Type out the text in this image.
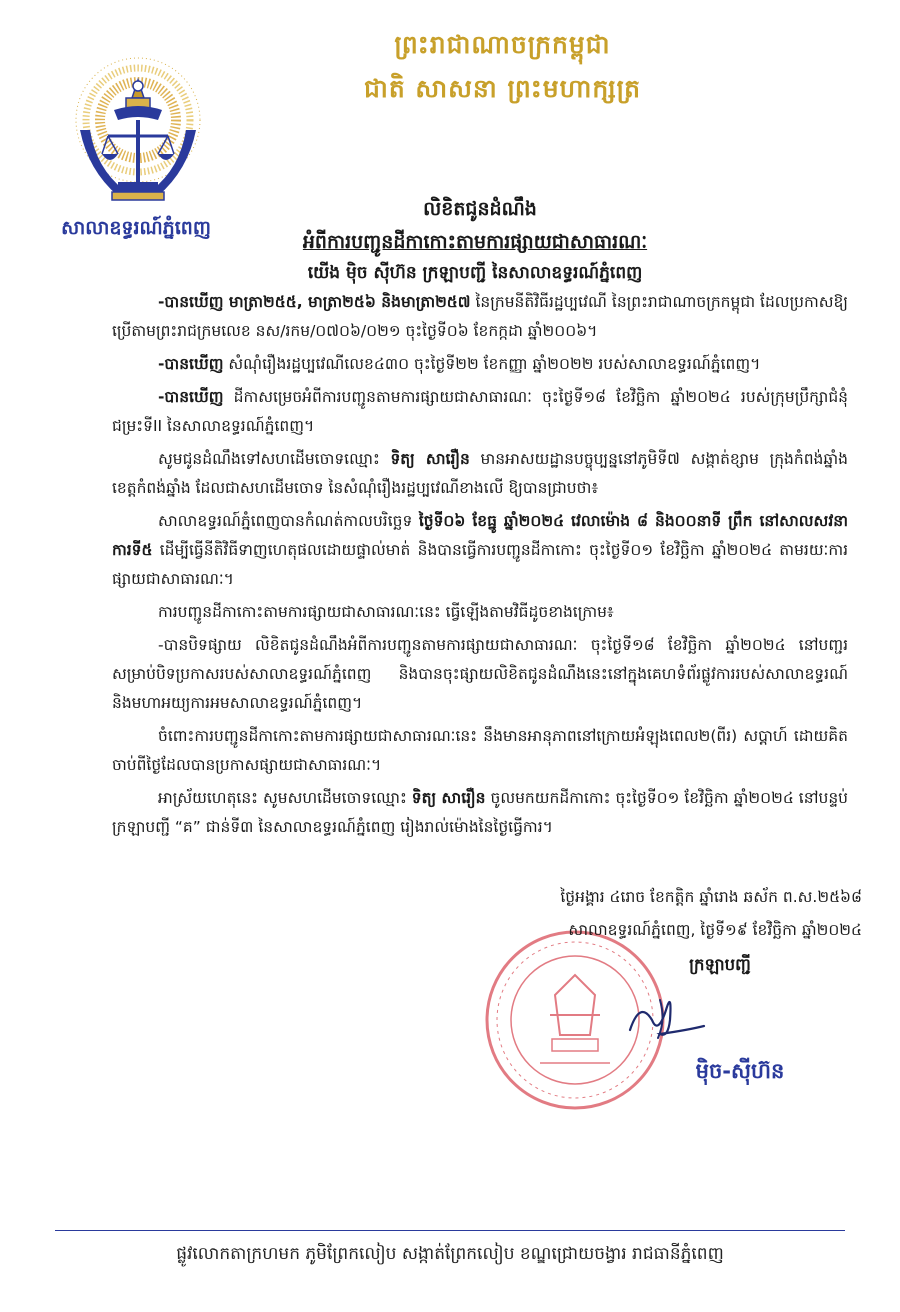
សាលាឧទ្ធរណ៍ភ្នំពេញ
ព្រះរាជាណាចក្រកម្ពុជា
ជាតិ សាសនា ព្រះមហាក្សត្រ
លិខិតជូនដំណឹង
អំពីការបញ្ជូនដីកាកោះតាមការផ្សាយជាសាធារណៈ
យើង ម៉ិច ស៊ីហ៊ន ក្រឡាបញ្ជី នៃសាលាឧទ្ធរណ៍ភ្នំពេញ

-បានឃើញ មាត្រា២៥៥, មាត្រា២៥៦ និងមាត្រា២៥៧ នៃក្រមនីតិវិធីរដ្ឋប្បវេណី នៃព្រះរាជាណាចក្រកម្ពុជា ដែលប្រកាសឱ្យប្រើតាមព្រះរាជក្រមលេខ នស/រកម/០៧០៦/០២១ ចុះថ្ងៃទី០៦ ខែកក្កដា ឆ្នាំ២០០៦។

-បានឃើញ សំណុំរឿងរដ្ឋប្បវេណីលេខ៤៣០ ចុះថ្ងៃទី២២ ខែកញ្ញា ឆ្នាំ២០២២ របស់សាលាឧទ្ធរណ៍ភ្នំពេញ។

-បានឃើញ ដីកាសម្រេចអំពីការបញ្ជូនតាមការផ្សាយជាសាធារណៈ ចុះថ្ងៃទី១៨ ខែវិច្ឆិកា ឆ្នាំ២០២៤ របស់ក្រុមប្រឹក្សាជំនុំជម្រះទីII នៃសាលាឧទ្ធរណ៍ភ្នំពេញ។

សូមជូនដំណឹងទៅសហដើមចោទឈ្មោះ ទិត្យ សារឿន មានអាសយដ្ឋានបច្ចុប្បន្ននៅភូមិទី៧ សង្កាត់ខ្សាម ក្រុងកំពង់ឆ្នាំង ខេត្តកំពង់ឆ្នាំង ដែលជាសហដើមចោទ នៃសំណុំរឿងរដ្ឋប្បវេណីខាងលើ ឱ្យបានជ្រាបថា៖

សាលាឧទ្ធរណ៍ភ្នំពេញបានកំណត់កាលបរិច្ឆេទ ថ្ងៃទី០៦ ខែធ្នូ ឆ្នាំ២០២៤ វេលាម៉ោង ៨ និង០០នាទី ព្រឹក នៅសាលសវនាការទី៥ ដើម្បីធ្វើនីតិវិធីទាញហេតុផលដោយផ្ទាល់មាត់ និងបានធ្វើការបញ្ជូនដីកាកោះ ចុះថ្ងៃទី០១ ខែវិច្ឆិកា ឆ្នាំ២០២៤ តាមរយៈការផ្សាយជាសាធារណៈ។

ការបញ្ជូនដីកាកោះតាមការផ្សាយជាសាធារណៈនេះ ធ្វើឡើងតាមវិធីដូចខាងក្រោម៖

-បានបិទផ្សាយ លិខិតជូនដំណឹងអំពីការបញ្ជូនតាមការផ្សាយជាសាធារណៈ ចុះថ្ងៃទី១៨ ខែវិច្ឆិកា ឆ្នាំ២០២៤ នៅបញ្ជរសម្រាប់បិទប្រកាសរបស់សាលាឧទ្ធរណ៍ភ្នំពេញ និងបានចុះផ្សាយលិខិតជូនដំណឹងនេះនៅក្នុងគេហទំព័រផ្លូវការរបស់សាលាឧទ្ធរណ៍ និងមហាអយ្យការអមសាលាឧទ្ធរណ៍ភ្នំពេញ។

ចំពោះការបញ្ជូនដីកាកោះតាមការផ្សាយជាសាធារណៈនេះ នឹងមានអានុភាពនៅក្រោយអំឡុងពេល២(ពីរ) សប្តាហ៍ ដោយគិតចាប់ពីថ្ងៃដែលបានប្រកាសផ្សាយជាសាធារណៈ។

អាស្រ័យហេតុនេះ សូមសហដើមចោទឈ្មោះ ទិត្យ សារឿន ចូលមកយកដីកាកោះ ចុះថ្ងៃទី០១ ខែវិច្ឆិកា ឆ្នាំ២០២៤ នៅបន្ទប់ក្រឡាបញ្ជី “គ” ជាន់ទី៣ នៃសាលាឧទ្ធរណ៍ភ្នំពេញ រៀងរាល់ម៉ោងនៃថ្ងៃធ្វើការ។

ថ្ងៃអង្គារ ៤រោច ខែកត្តិក ឆ្នាំរោង ឆស័ក ព.ស.២៥៦៨
សាលាឧទ្ធរណ៍ភ្នំពេញ, ថ្ងៃទី១៩ ខែវិច្ឆិកា ឆ្នាំ២០២៤
ក្រឡាបញ្ជី
ម៉ិច-ស៊ីហ៊ន
ផ្លូវលោកតាក្រហមក ភូមិព្រែកលៀប សង្កាត់ព្រែកលៀប ខណ្ឌជ្រោយចង្វារ រាជធានីភ្នំពេញ
